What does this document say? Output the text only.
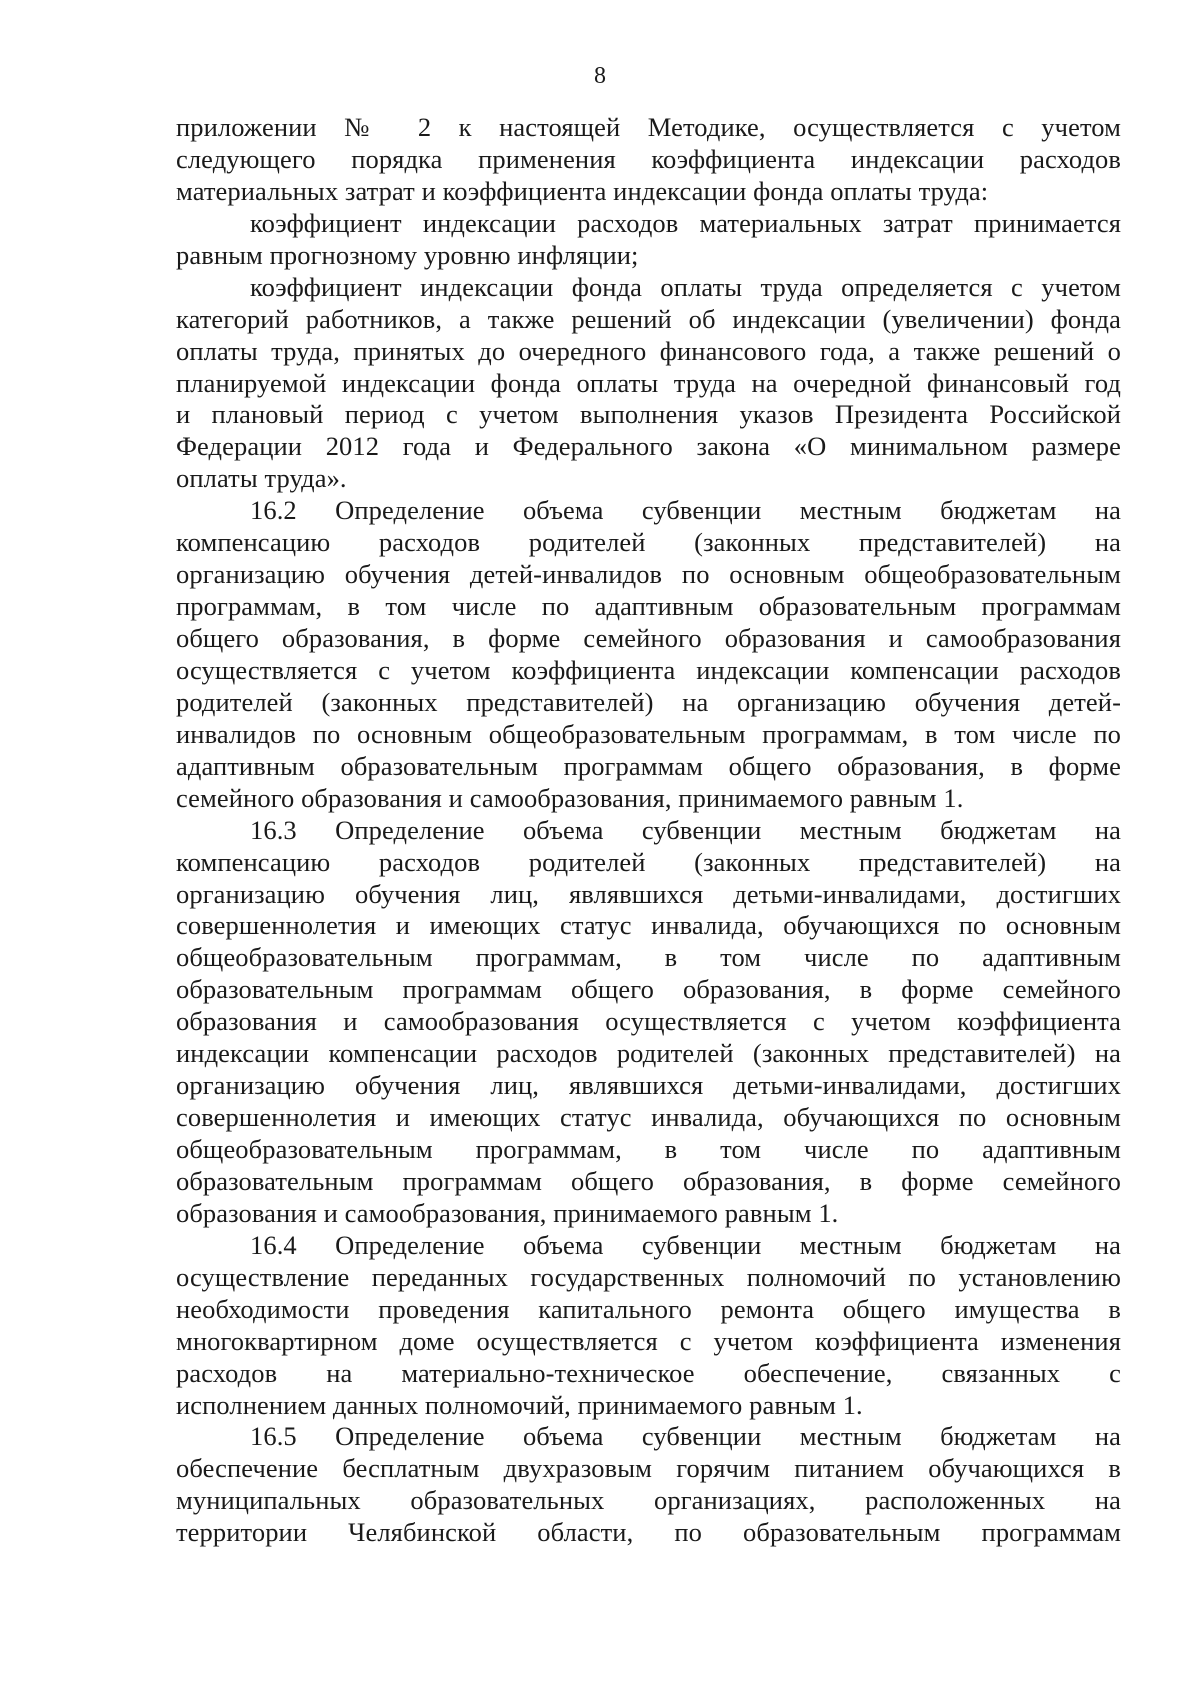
8
приложении № 2 к настоящей Методике, осуществляется с учетом
следующего порядка применения коэффициента индексации расходов
материальных затрат и коэффициента индексации фонда оплаты труда:
коэффициент индексации расходов материальных затрат принимается
равным прогнозному уровню инфляции;
коэффициент индексации фонда оплаты труда определяется с учетом
категорий работников, а также решений об индексации (увеличении) фонда
оплаты труда, принятых до очередного финансового года, а также решений о
планируемой индексации фонда оплаты труда на очередной финансовый год
и плановый период с учетом выполнения указов Президента Российской
Федерации 2012 года и Федерального закона «О минимальном размере
оплаты труда».
16.2 Определение объема субвенции местным бюджетам на
компенсацию расходов родителей (законных представителей) на
организацию обучения детей-инвалидов по основным общеобразовательным
программам, в том числе по адаптивным образовательным программам
общего образования, в форме семейного образования и самообразования
осуществляется с учетом коэффициента индексации компенсации расходов
родителей (законных представителей) на организацию обучения детей-
инвалидов по основным общеобразовательным программам, в том числе по
адаптивным образовательным программам общего образования, в форме
семейного образования и самообразования, принимаемого равным 1.
16.3 Определение объема субвенции местным бюджетам на
компенсацию расходов родителей (законных представителей) на
организацию обучения лиц, являвшихся детьми-инвалидами, достигших
совершеннолетия и имеющих статус инвалида, обучающихся по основным
общеобразовательным программам, в том числе по адаптивным
образовательным программам общего образования, в форме семейного
образования и самообразования осуществляется с учетом коэффициента
индексации компенсации расходов родителей (законных представителей) на
организацию обучения лиц, являвшихся детьми-инвалидами, достигших
совершеннолетия и имеющих статус инвалида, обучающихся по основным
общеобразовательным программам, в том числе по адаптивным
образовательным программам общего образования, в форме семейного
образования и самообразования, принимаемого равным 1.
16.4 Определение объема субвенции местным бюджетам на
осуществление переданных государственных полномочий по установлению
необходимости проведения капитального ремонта общего имущества в
многоквартирном доме осуществляется с учетом коэффициента изменения
расходов на материально-техническое обеспечение, связанных с
исполнением данных полномочий, принимаемого равным 1.
16.5 Определение объема субвенции местным бюджетам на
обеспечение бесплатным двухразовым горячим питанием обучающихся в
муниципальных образовательных организациях, расположенных на
территории Челябинской области, по образовательным программам
